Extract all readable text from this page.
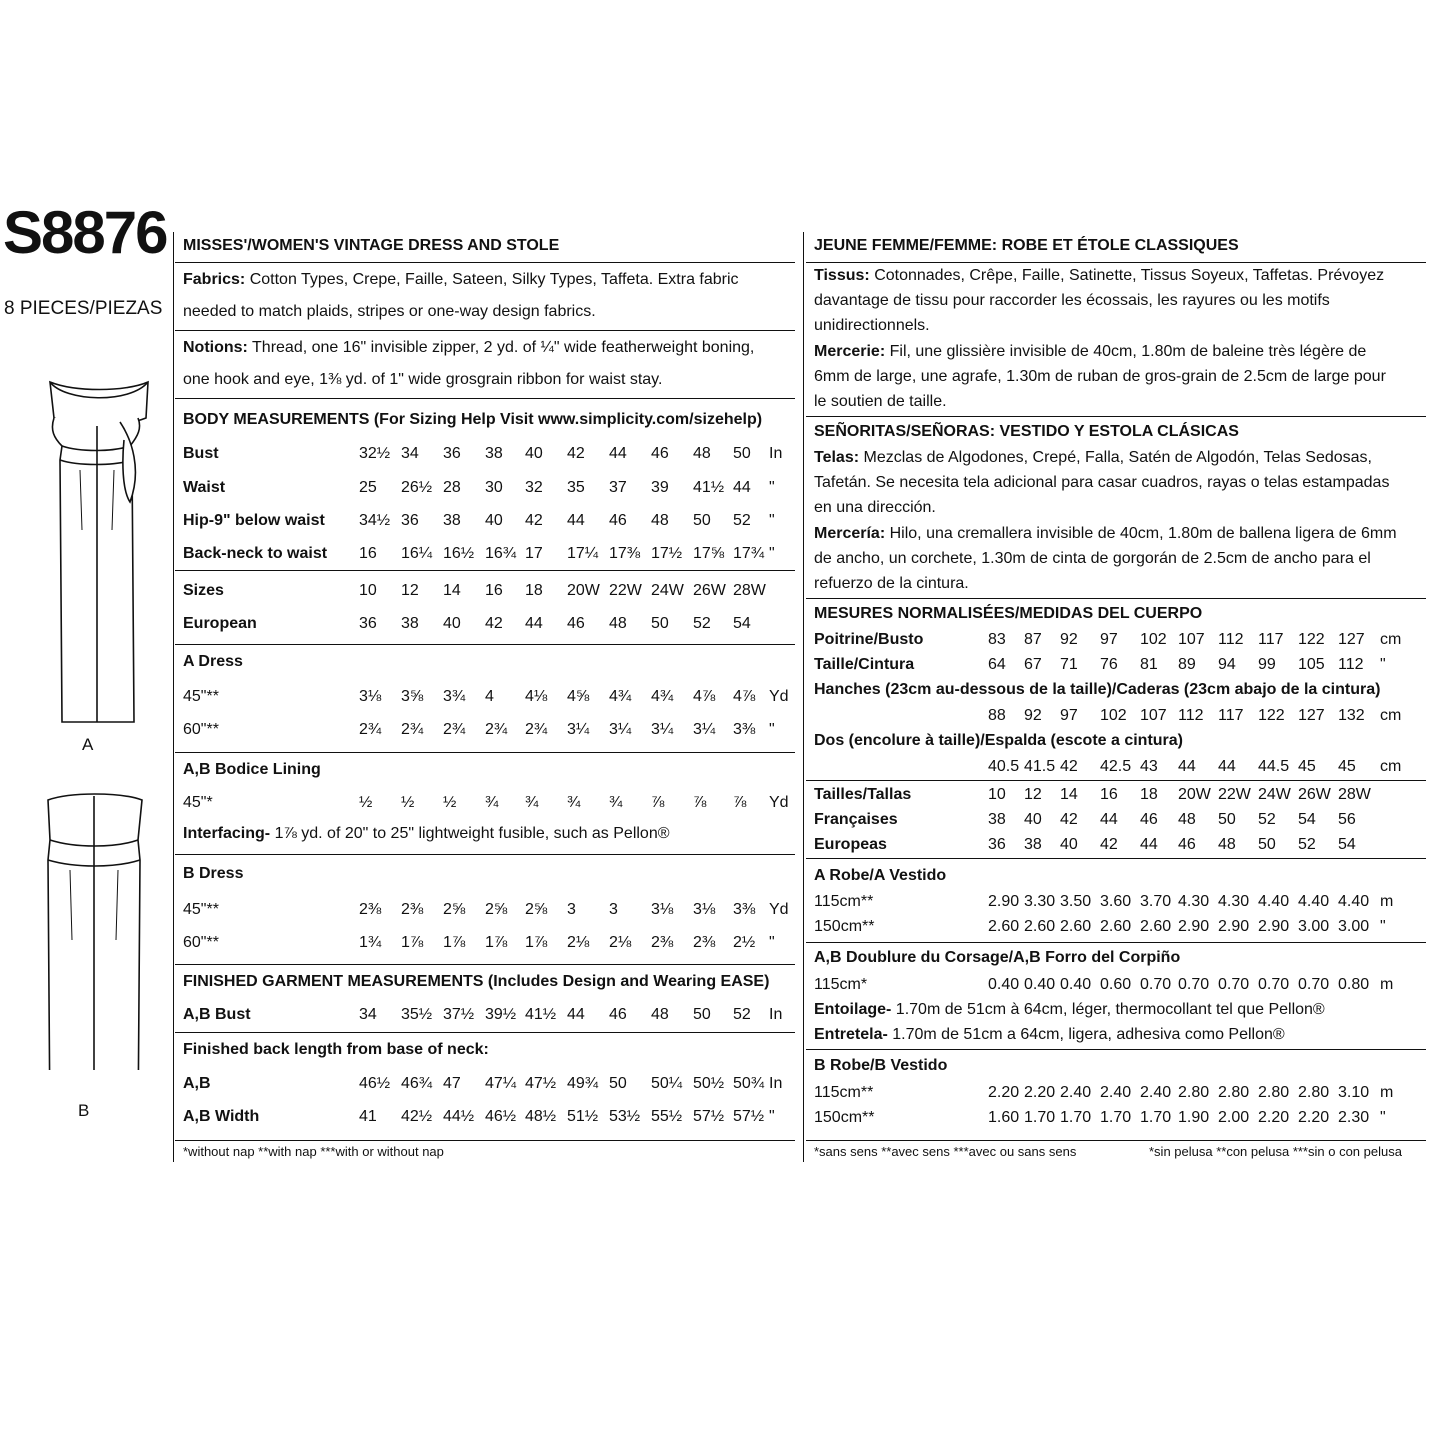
S8876
8 PIECES/PIEZAS
A
B
MISSES'/WOMEN'S VINTAGE DRESS AND STOLE
Fabrics: Cotton Types, Crepe, Faille, Sateen, Silky Types, Taffeta. Extra fabric
needed to match plaids, stripes or one-way design fabrics.
Notions: Thread, one 16" invisible zipper, 2 yd. of ¼" wide featherweight boning,
one hook and eye, 1⅜ yd. of 1" wide grosgrain ribbon for waist stay.
BODY MEASUREMENTS (For Sizing Help Visit www.simplicity.com/sizehelp)
Bust	32½ 34 36 38 40 42 44 46 48 50 In
Waist	25 26½ 28 30 32 35 37 39 41½ 44 "
Hip-9" below waist 34½ 36 38 40 42 44 46 48 50 52 "
Back-neck to waist 16 16¼ 16½ 16¾ 17 17¼ 17⅜ 17½ 17⅝ 17¾ "
Sizes	10 12 14 16 18 20W 22W 24W 26W 28W
European	36 38 40 42 44 46 48 50 52 54
A Dress
45"**	3⅛ 3⅝ 3¾ 4 4⅛ 4⅝ 4¾ 4¾ 4⅞ 4⅞ Yd
60"**	2¾ 2¾ 2¾ 2¾ 2¾ 3¼ 3¼ 3¼ 3¼ 3⅜ "
A,B Bodice Lining
45"*	½ ½ ½ ¾ ¾ ¾ ¾ ⅞ ⅞ ⅞ Yd
Interfacing- 1⅞ yd. of 20" to 25" lightweight fusible, such as Pellon®
B Dress
45"**	2⅜ 2⅜ 2⅝ 2⅝ 2⅝ 3 3 3⅛ 3⅛ 3⅜ Yd
60"**	1¾ 1⅞ 1⅞ 1⅞ 1⅞ 2⅛ 2⅛ 2⅜ 2⅜ 2½ "
FINISHED GARMENT MEASUREMENTS (Includes Design and Wearing EASE)
A,B Bust	34 35½ 37½ 39½ 41½ 44 46 48 50 52 In
Finished back length from base of neck:
A,B	46½ 46¾ 47 47¼ 47½ 49¾ 50 50¼ 50½ 50¾ In
A,B Width	41 42½ 44½ 46½ 48½ 51½ 53½ 55½ 57½ 57½ "
*without nap **with nap ***with or without nap
JEUNE FEMME/FEMME: ROBE ET ÉTOLE CLASSIQUES
Tissus: Cotonnades, Crêpe, Faille, Satinette, Tissus Soyeux, Taffetas. Prévoyez
davantage de tissu pour raccorder les écossais, les rayures ou les motifs
unidirectionnels.
Mercerie: Fil, une glissière invisible de 40cm, 1.80m de baleine très légère de
6mm de large, une agrafe, 1.30m de ruban de gros-grain de 2.5cm de large pour
le soutien de taille.
SEÑORITAS/SEÑORAS: VESTIDO Y ESTOLA CLÁSICAS
Telas: Mezclas de Algodones, Crepé, Falla, Satén de Algodón, Telas Sedosas,
Tafetán. Se necesita tela adicional para casar cuadros, rayas o telas estampadas
en una dirección.
Mercería: Hilo, una cremallera invisible de 40cm, 1.80m de ballena ligera de 6mm
de ancho, un corchete, 1.30m de cinta de gorgorán de 2.5cm de ancho para el
refuerzo de la cintura.
MESURES NORMALISÉES/MEDIDAS DEL CUERPO
Poitrine/Busto	83 87 92 97 102 107 112 117 122 127 cm
Taille/Cintura	64 67 71 76 81 89 94 99 105 112 "
Hanches (23cm au-dessous de la taille)/Caderas (23cm abajo de la cintura)
88 92 97 102 107 112 117 122 127 132 cm
Dos (encolure à taille)/Espalda (escote a cintura)
40.5 41.5 42 42.5 43 44 44 44.5 45 45 cm
Tailles/Tallas	10 12 14 16 18 20W 22W 24W 26W 28W
Françaises	38 40 42 44 46 48 50 52 54 56
Europeas	36 38 40 42 44 46 48 50 52 54
A Robe/A Vestido
115cm**	2.90 3.30 3.50 3.60 3.70 4.30 4.30 4.40 4.40 4.40 m
150cm**	2.60 2.60 2.60 2.60 2.60 2.90 2.90 2.90 3.00 3.00 "
A,B Doublure du Corsage/A,B Forro del Corpiño
115cm*	0.40 0.40 0.40 0.60 0.70 0.70 0.70 0.70 0.70 0.80 m
Entoilage- 1.70m de 51cm à 64cm, léger, thermocollant tel que Pellon®
Entretela- 1.70m de 51cm a 64cm, ligera, adhesiva como Pellon®
B Robe/B Vestido
115cm**	2.20 2.20 2.40 2.40 2.40 2.80 2.80 2.80 2.80 3.10 m
150cm**	1.60 1.70 1.70 1.70 1.70 1.90 2.00 2.20 2.20 2.30 "
*sans sens **avec sens ***avec ou sans sens	*sin pelusa **con pelusa ***sin o con pelusa
